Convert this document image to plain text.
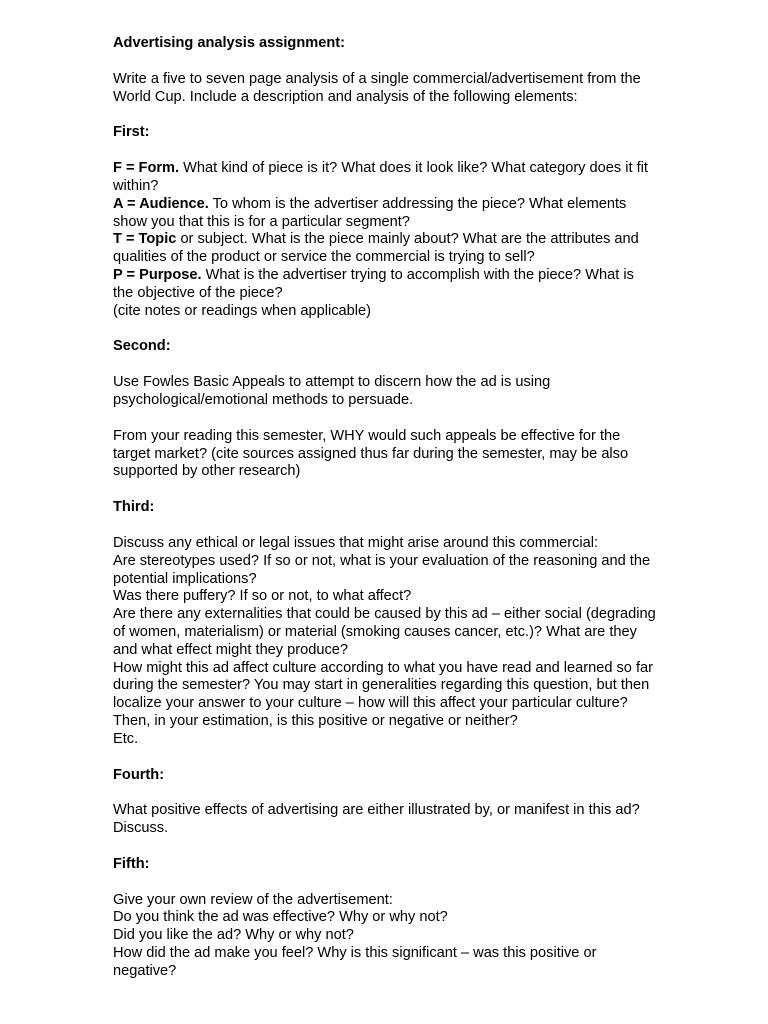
Advertising analysis assignment:

Write a five to seven page analysis of a single commercial/advertisement from the World Cup. Include a description and analysis of the following elements:

First:

F = Form. What kind of piece is it? What does it look like? What category does it fit within?
A = Audience. To whom is the advertiser addressing the piece? What elements show you that this is for a particular segment?
T = Topic or subject. What is the piece mainly about? What are the attributes and qualities of the product or service the commercial is trying to sell?
P = Purpose. What is the advertiser trying to accomplish with the piece? What is the objective of the piece?
(cite notes or readings when applicable)

Second:

Use Fowles Basic Appeals to attempt to discern how the ad is using psychological/emotional methods to persuade.

From your reading this semester, WHY would such appeals be effective for the target market? (cite sources assigned thus far during the semester, may be also supported by other research)

Third:

Discuss any ethical or legal issues that might arise around this commercial:
Are stereotypes used? If so or not, what is your evaluation of the reasoning and the potential implications?
Was there puffery? If so or not, to what affect?
Are there any externalities that could be caused by this ad – either social (degrading of women, materialism) or material (smoking causes cancer, etc.)? What are they and what effect might they produce?
How might this ad affect culture according to what you have read and learned so far during the semester? You may start in generalities regarding this question, but then localize your answer to your culture – how will this affect your particular culture? Then, in your estimation, is this positive or negative or neither?
Etc.

Fourth:

What positive effects of advertising are either illustrated by, or manifest in this ad? Discuss.

Fifth:

Give your own review of the advertisement:
Do you think the ad was effective? Why or why not?
Did you like the ad? Why or why not?
How did the ad make you feel? Why is this significant – was this positive or negative?
